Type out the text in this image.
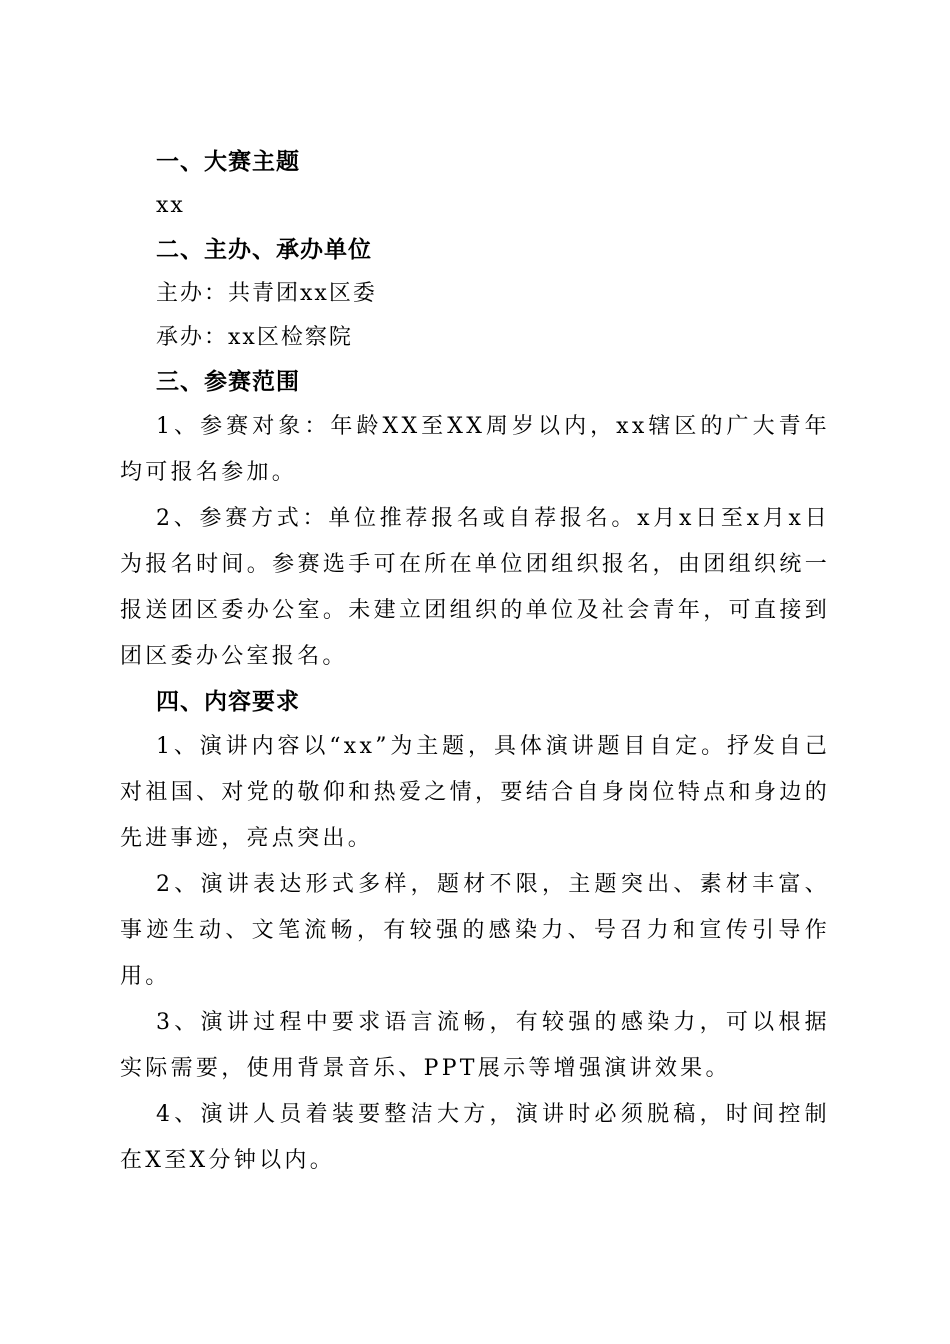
一、大赛主题

xx

二、主办、承办单位

主办：共青团xx区委

承办：xx区检察院

三、参赛范围

1、参赛对象：年龄XX至XX周岁以内，xx辖区的广大青年均可报名参加。

2、参赛方式：单位推荐报名或自荐报名。x月x日至x月x日为报名时间。参赛选手可在所在单位团组织报名，由团组织统一报送团区委办公室。未建立团组织的单位及社会青年，可直接到团区委办公室报名。

四、内容要求

1、演讲内容以“xx”为主题，具体演讲题目自定。抒发自己对祖国、对党的敬仰和热爱之情，要结合自身岗位特点和身边的先进事迹，亮点突出。

2、演讲表达形式多样，题材不限，主题突出、素材丰富、事迹生动、文笔流畅，有较强的感染力、号召力和宣传引导作用。

3、演讲过程中要求语言流畅，有较强的感染力，可以根据实际需要，使用背景音乐、PPT展示等增强演讲效果。

4、演讲人员着装要整洁大方，演讲时必须脱稿，时间控制在X至X分钟以内。
